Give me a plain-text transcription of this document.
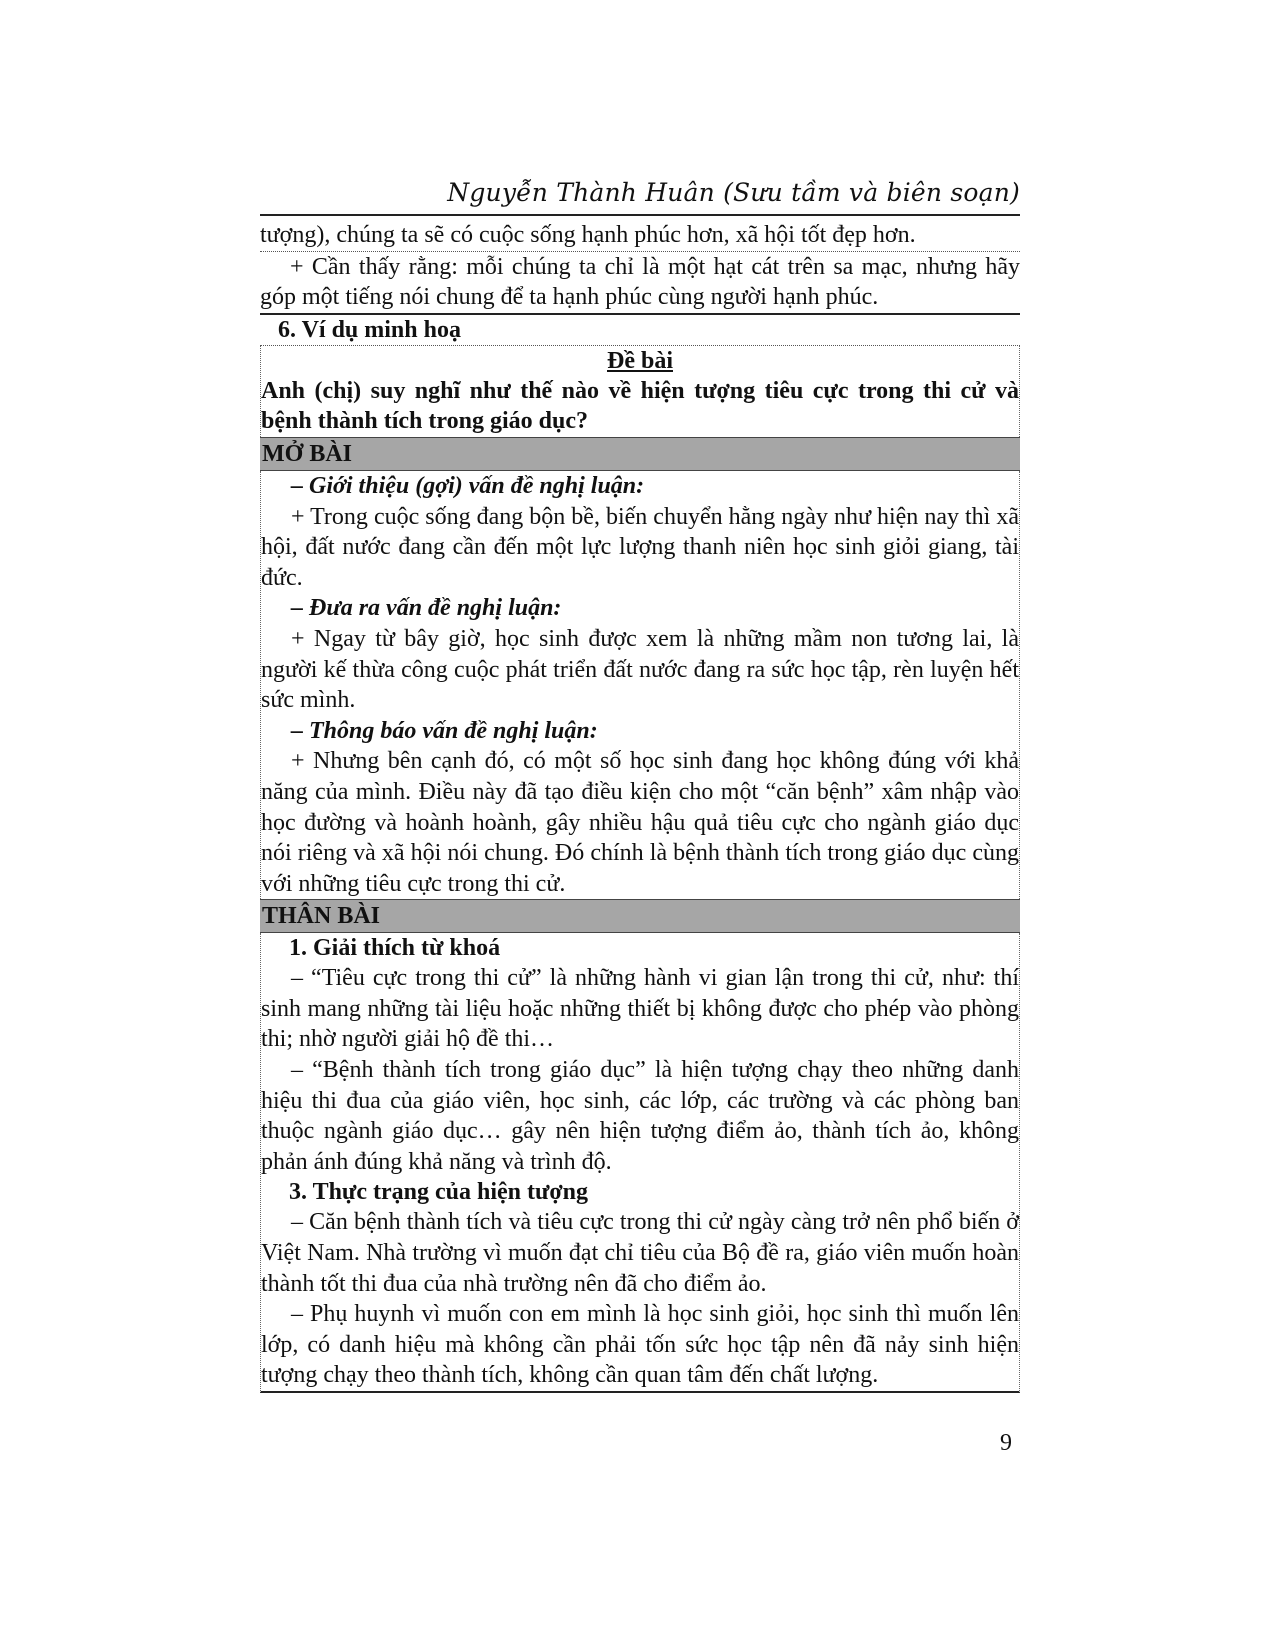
Nguyễn Thành Huân (Sưu tầm và biên soạn)

tượng), chúng ta sẽ có cuộc sống hạnh phúc hơn, xã hội tốt đẹp hơn.

+ Cần thấy rằng: mỗi chúng ta chỉ là một hạt cát trên sa mạc, nhưng hãy góp một tiếng nói chung để ta hạnh phúc cùng người hạnh phúc.

6. Ví dụ minh hoạ
Đề bài

Anh (chị) suy nghĩ như thế nào về hiện tượng tiêu cực trong thi cử và bệnh thành tích trong giáo dục?

MỞ BÀI

– Giới thiệu (gợi) vấn đề nghị luận:

+ Trong cuộc sống đang bộn bề, biến chuyển hằng ngày như hiện nay thì xã hội, đất nước đang cần đến một lực lượng thanh niên học sinh giỏi giang, tài đức.

– Đưa ra vấn đề nghị luận:

+ Ngay từ bây giờ, học sinh được xem là những mầm non tương lai, là người kế thừa công cuộc phát triển đất nước đang ra sức học tập, rèn luyện hết sức mình.

– Thông báo vấn đề nghị luận:

+ Nhưng bên cạnh đó, có một số học sinh đang học không đúng với khả năng của mình. Điều này đã tạo điều kiện cho một “căn bệnh” xâm nhập vào học đường và hoành hoành, gây nhiều hậu quả tiêu cực cho ngành giáo dục nói riêng và xã hội nói chung. Đó chính là bệnh thành tích trong giáo dục cùng với những tiêu cực trong thi cử.

THÂN BÀI
1. Giải thích từ khoá

– “Tiêu cực trong thi cử” là những hành vi gian lận trong thi cử, như: thí sinh mang những tài liệu hoặc những thiết bị không được cho phép vào phòng thi; nhờ người giải hộ đề thi…

– “Bệnh thành tích trong giáo dục” là hiện tượng chạy theo những danh hiệu thi đua của giáo viên, học sinh, các lớp, các trường và các phòng ban thuộc ngành giáo dục… gây nên hiện tượng điểm ảo, thành tích ảo, không phản ánh đúng khả năng và trình độ.

3. Thực trạng của hiện tượng

– Căn bệnh thành tích và tiêu cực trong thi cử ngày càng trở nên phổ biến ở Việt Nam. Nhà trường vì muốn đạt chỉ tiêu của Bộ đề ra, giáo viên muốn hoàn thành tốt thi đua của nhà trường nên đã cho điểm ảo.

– Phụ huynh vì muốn con em mình là học sinh giỏi, học sinh thì muốn lên lớp, có danh hiệu mà không cần phải tốn sức học tập nên đã nảy sinh hiện tượng chạy theo thành tích, không cần quan tâm đến chất lượng.

9
